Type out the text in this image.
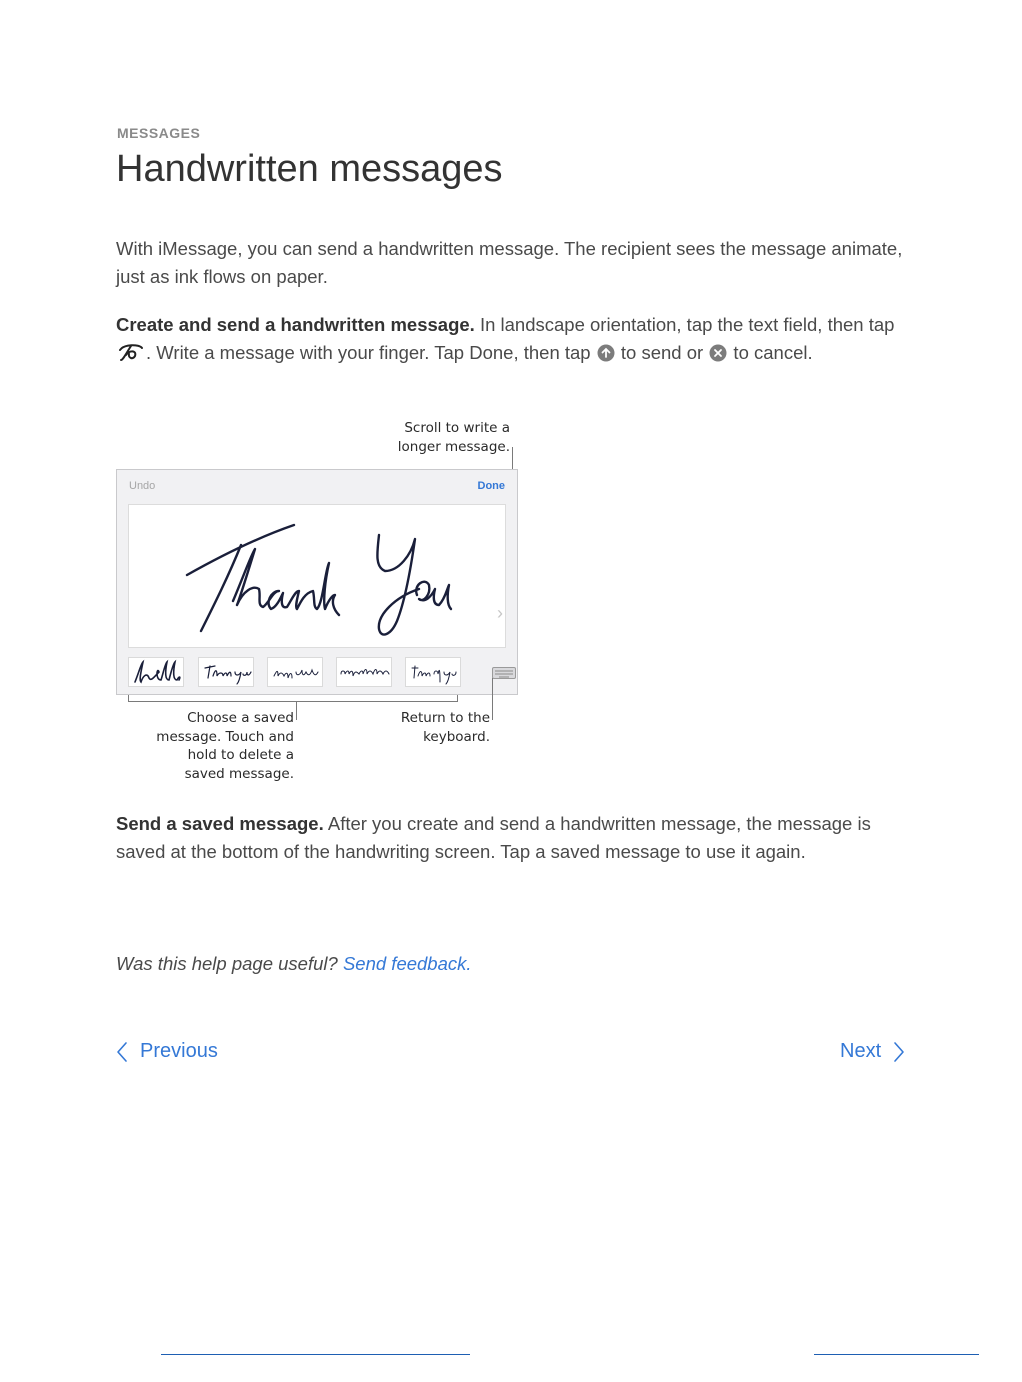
MESSAGES
Handwritten messages

With iMessage, you can send a handwritten message. The recipient sees the message animate, just as ink flows on paper.

Create and send a handwritten message. In landscape orientation, tap the text field, then tap . Write a message with your finger. Tap Done, then tap  to send or  to cancel.

Scroll to write a longer message.
Undo	Done
›
Choose a saved message. Touch and hold to delete a saved message.
Return to the keyboard.

Send a saved message. After you create and send a handwritten message, the message is saved at the bottom of the handwriting screen. Tap a saved message to use it again.

Was this help page useful? Send feedback.

Previous	Next
